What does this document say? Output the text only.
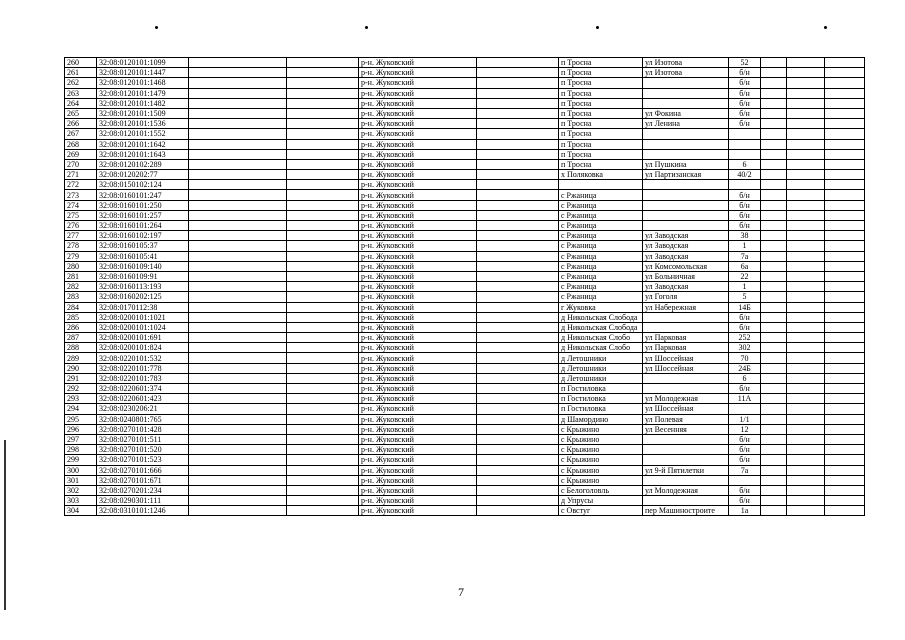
260	32:08:0120101:1099			р-н. Жуковский		п Тросна	ул Изотова	52			
261	32:08:0120101:1447			р-н. Жуковский		п Тросна	ул Изотова	б/н			
262	32:08:0120101:1468			р-н. Жуковский		п Тросна		б/н			
263	32:08:0120101:1479			р-н. Жуковский		п Тросна		б/н			
264	32:08:0120101:1482			р-н. Жуковский		п Тросна		б/н			
265	32:08:0120101:1509			р-н. Жуковский		п Тросна	ул Фокина	б/н			
266	32:08:0120101:1536			р-н. Жуковский		п Тросна	ул Ленина	б/н			
267	32:08:0120101:1552			р-н. Жуковский		п Тросна					
268	32:08:0120101:1642			р-н. Жуковский		п Тросна					
269	32:08:0120101:1643			р-н. Жуковский		п Тросна					
270	32:08:0120102:289			р-н. Жуковский		п Тросна	ул Пушкина	6			
271	32:08:0120202:77			р-н. Жуковский		х Поляковка	ул Партизанская	40/2			
272	32:08:0150102:124			р-н. Жуковский							
273	32:08:0160101:247			р-н. Жуковский		с Ржаница		б/н			
274	32:08:0160101:250			р-н. Жуковский		с Ржаница		б/н			
275	32:08:0160101:257			р-н. Жуковский		с Ржаница		б/н			
276	32:08:0160101:264			р-н. Жуковский		с Ржаница		б/н			
277	32:08:0160102:197			р-н. Жуковский		с Ржаница	ул Заводская	38			
278	32:08:0160105:37			р-н. Жуковский		с Ржаница	ул Заводская	1			
279	32:08:0160105:41			р-н. Жуковский		с Ржаница	ул Заводская	7а			
280	32:08:0160109:140			р-н. Жуковский		с Ржаница	ул Комсомольская	6а			
281	32:08:0160109:91			р-н. Жуковский		с Ржаница	ул Больничная	22			
282	32:08:0160113:193			р-н. Жуковский		с Ржаница	ул Заводская	1			
283	32:08:0160202:125			р-н. Жуковский		с Ржаница	ул Гоголя	5			
284	32:08:0170112:38			р-н. Жуковский		г Жуковка	ул Набережная	14Б			
285	32:08:0200101:1021			р-н. Жуковский		д Никольская Слобода		б/н			
286	32:08:0200101:1024			р-н. Жуковский		д Никольская Слобода		б/н			
287	32:08:0200101:691			р-н. Жуковский		д Никольская Слобо	ул Парковая	252			
288	32:08:0200101:824			р-н. Жуковский		д Никольская Слобо	ул Парковая	302			
289	32:08:0220101:532			р-н. Жуковский		д Летошники	ул Шоссейная	70			
290	32:08:0220101:778			р-н. Жуковский		д Летошники	ул Шоссейная	24Б			
291	32:08:0220101:783			р-н. Жуковский		д Летошники		6			
292	32:08:0220601:374			р-н. Жуковский		п Гостиловка		б/н			
293	32:08:0220601:423			р-н. Жуковский		п Гостиловка	ул Молодежная	11А			
294	32:08:0230206:21			р-н. Жуковский		п Гостиловка	ул Шоссейная				
295	32:08:0240801:765			р-н. Жуковский		д Шамордино	ул Полевая	1/1			
296	32:08:0270101:428			р-н. Жуковский		с Крыжино	ул Весенняя	12			
297	32:08:0270101:511			р-н. Жуковский		с Крыжино		б/н			
298	32:08:0270101:520			р-н. Жуковский		с Крыжино		б/н			
299	32:08:0270101:523			р-н. Жуковский		с Крыжино		б/н			
300	32:08:0270101:666			р-н. Жуковский		с Крыжино	ул 9-й Пятилетки	7а			
301	32:08:0270101:671			р-н. Жуковский		с Крыжино					
302	32:08:0270201:234			р-н. Жуковский		с Белоголовль	ул Молодежная	б/н			
303	32:08:0290301:111			р-н. Жуковский		д Упрусы		б/н			
304	32:08:0310101:1246			р-н. Жуковский		с Овстуг	пер Машиностроите	1а			
7
